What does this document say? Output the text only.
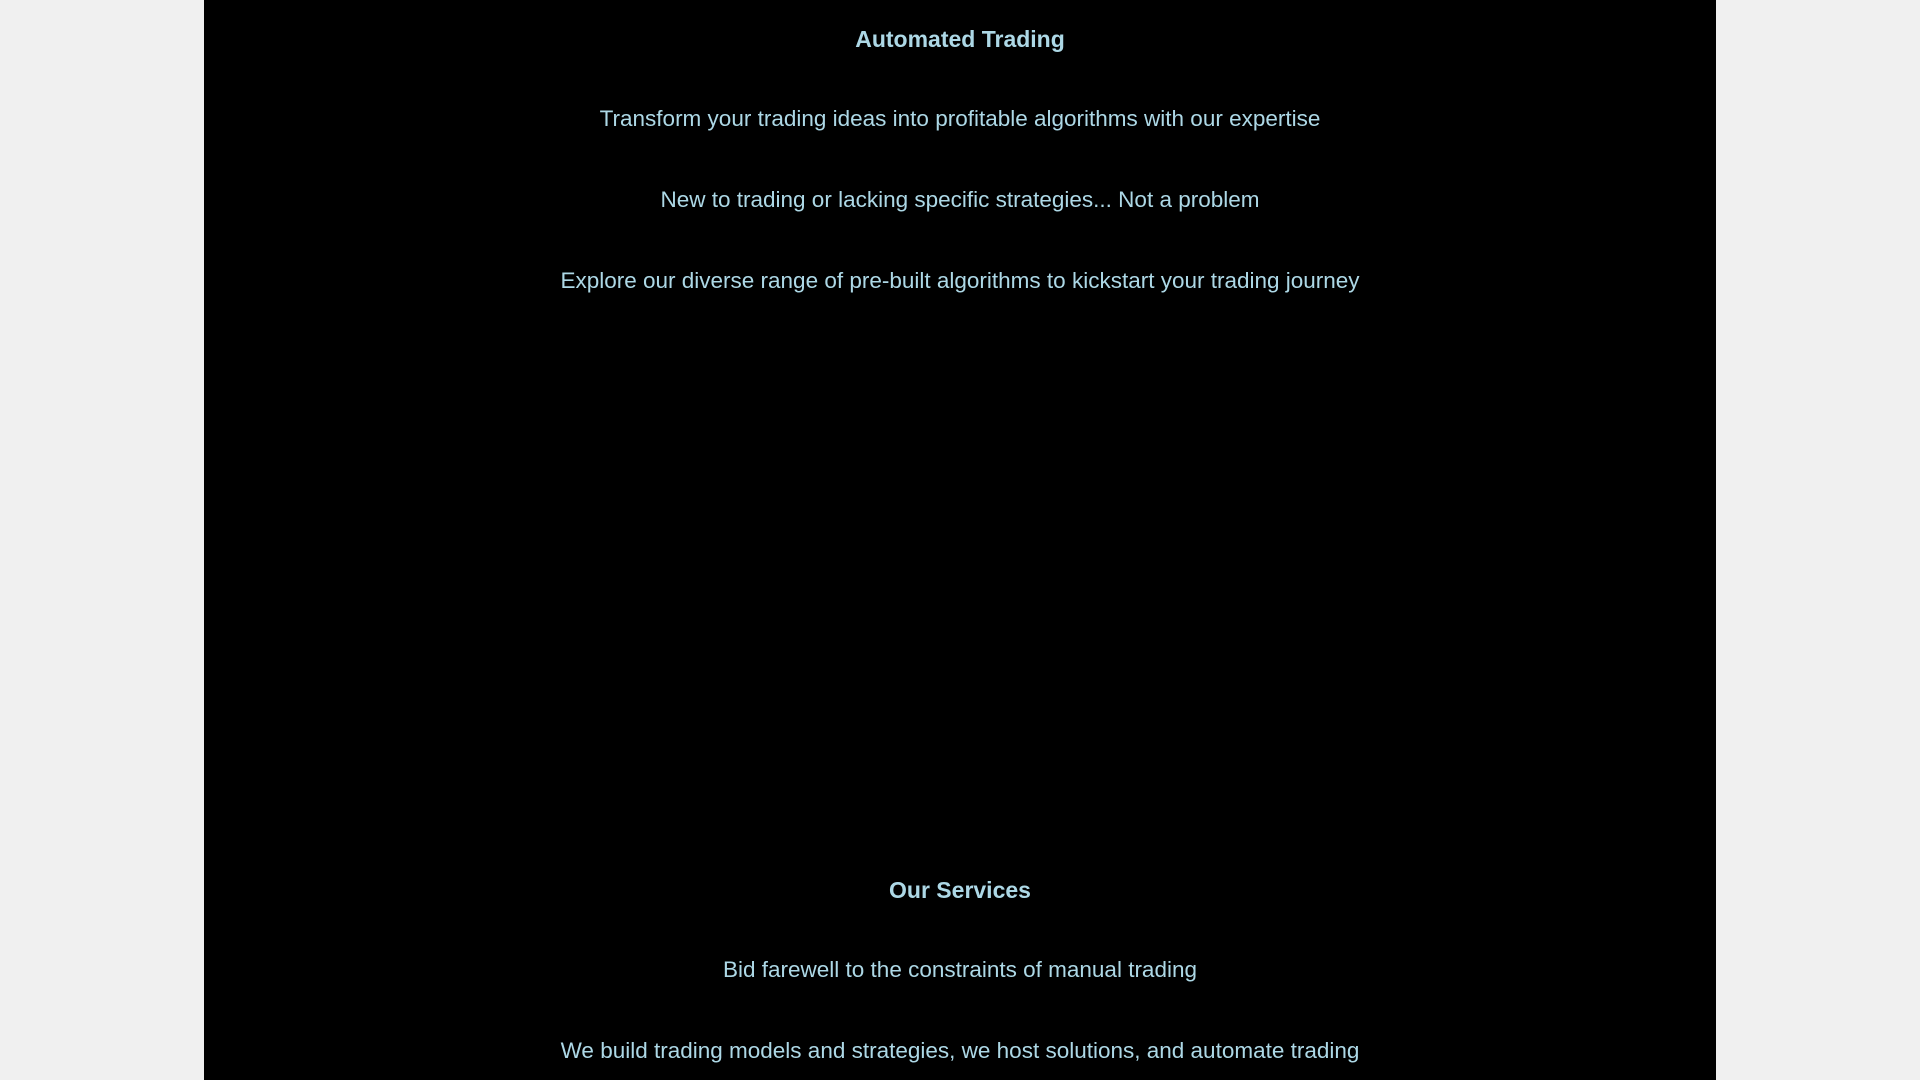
Automated Trading

Transform your trading ideas into profitable algorithms with our expertise

New to trading or lacking specific strategies... Not a problem

Explore our diverse range of pre-built algorithms to kickstart your trading journey

Our Services

Bid farewell to the constraints of manual trading

We build trading models and strategies, we host solutions, and automate trading
